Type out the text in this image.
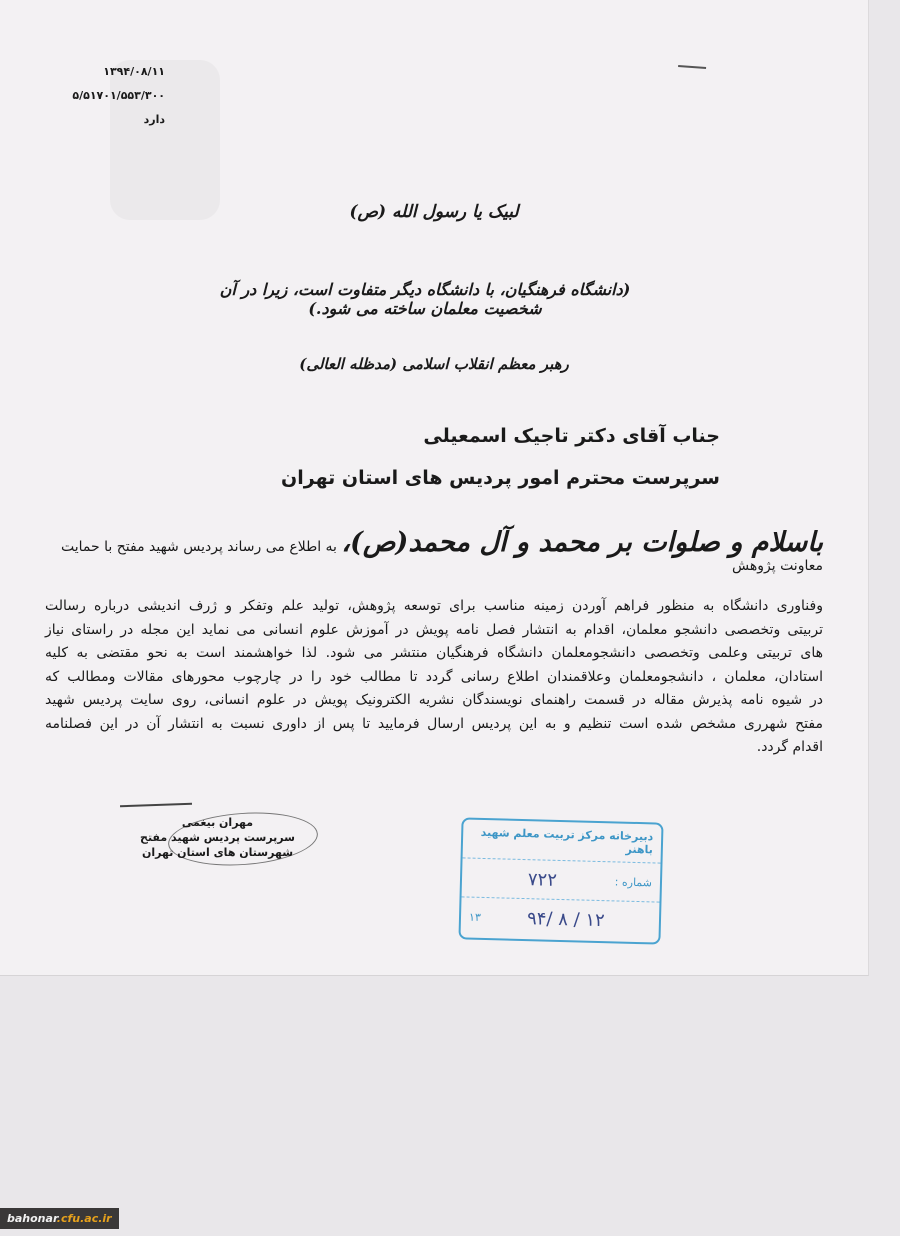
۱۳۹۴/۰۸/۱۱
۵/۵۱۷۰۱/۵۵۳/۳۰۰
دارد
لبیک یا رسول الله (ص)
(دانشگاه فرهنگیان، با دانشگاه دیگر متفاوت است، زیرا در آن شخصیت معلمان ساخته می شود.)
رهبر معظم انقلاب اسلامی (مدظله العالی)
جناب آقای دکتر تاجیک اسمعیلی
سرپرست محترم امور پردیس های استان تهران
باسلام و صلوات بر محمد و آل محمد(ص)، به اطلاع می رساند پردیس شهید مفتح با حمایت معاونت پژوهش
وفناوری دانشگاه به منظور فراهم آوردن زمینه مناسب برای توسعه پژوهش، تولید علم وتفکر و ژرف اندیشی درباره رسالت
تربیتی وتخصصی دانشجو معلمان، اقدام به انتشار فصل نامه پویش در آموزش علوم انسانی می نماید این مجله در راستای نیاز
های تربیتی وعلمی وتخصصی دانشجومعلمان دانشگاه فرهنگیان منتشر می شود. لذا خواهشمند است به نحو مقتضی به کلیه
استادان، معلمان ، دانشجومعلمان وعلاقمندان اطلاع رسانی گردد تا مطالب خود را در چارچوب محورهای مقالات ومطالب که
در شیوه نامه پذیرش مقاله در قسمت راهنمای نویسندگان نشریه الکترونیک پویش در علوم انسانی، روی سایت پردیس شهید
مفتح شهرری مشخص شده است تنظیم و به این پردیس ارسال فرمایید تا پس از داوری نسبت به انتشار آن در این فصلنامه
اقدام گردد.
مهران بیغمی
سرپرست پردیس شهید مفتح
شهرستان های استان تهران
دبیرخانه مرکز تربیت معلم شهید باهنر
شماره :
۷۲۲
۹۴/ ۸ / ۱۲
۱۳
bahonar.cfu.ac.ir
